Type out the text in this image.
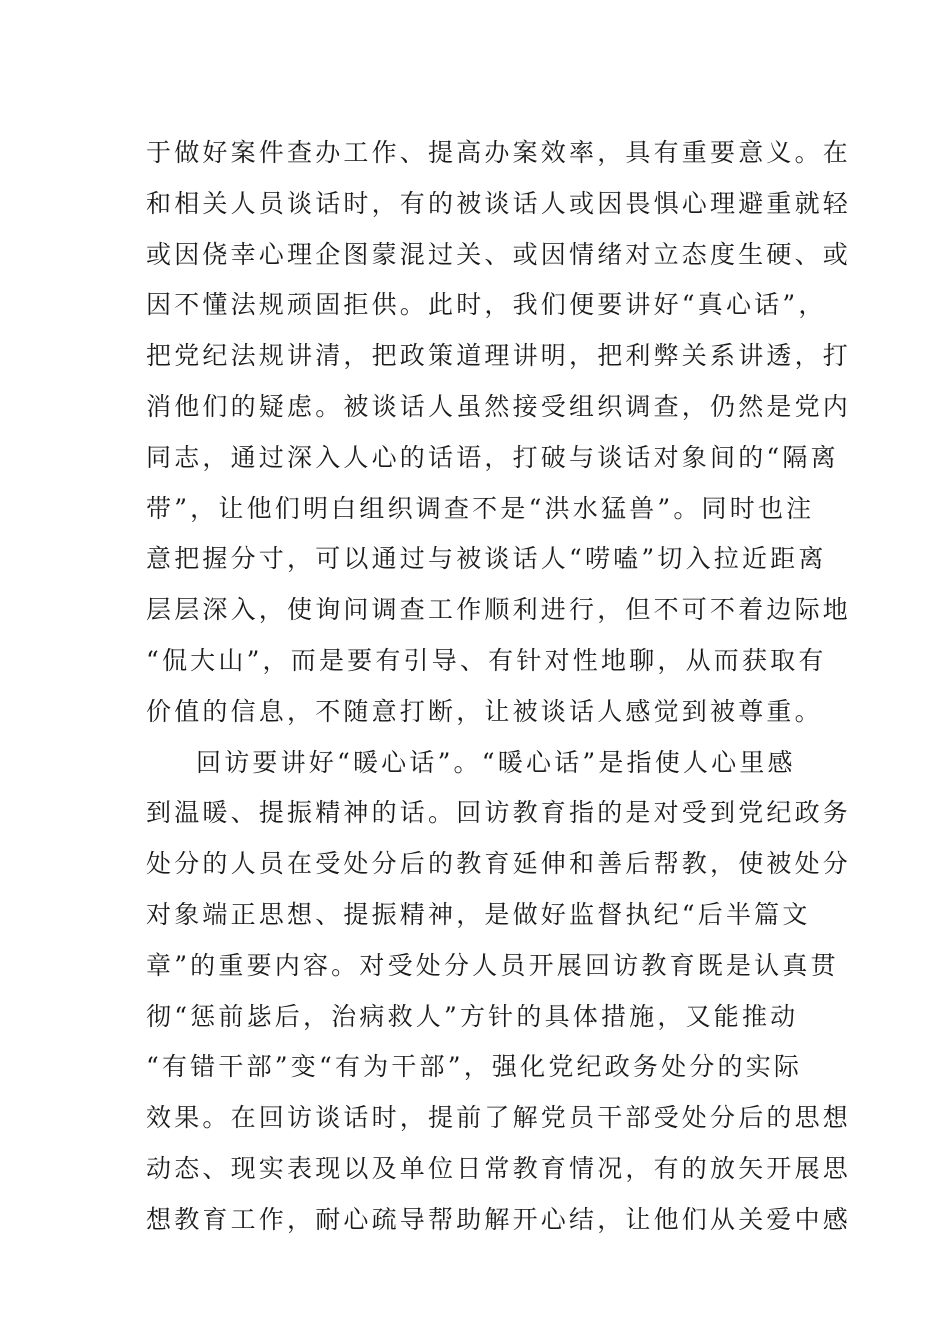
于做好案件查办工作、提高办案效率，具有重要意义。在
和相关人员谈话时，有的被谈话人或因畏惧心理避重就轻
或因侥幸心理企图蒙混过关、或因情绪对立态度生硬、或
因不懂法规顽固拒供。此时，我们便要讲好“真心话”，
把党纪法规讲清，把政策道理讲明，把利弊关系讲透，打
消他们的疑虑。被谈话人虽然接受组织调查，仍然是党内
同志，通过深入人心的话语，打破与谈话对象间的“隔离
带”，让他们明白组织调查不是“洪水猛兽”。同时也注
意把握分寸，可以通过与被谈话人“唠嗑”切入拉近距离
层层深入，使询问调查工作顺利进行，但不可不着边际地
“侃大山”，而是要有引导、有针对性地聊，从而获取有
价值的信息，不随意打断，让被谈话人感觉到被尊重。
回访要讲好“暖心话”。“暖心话”是指使人心里感
到温暖、提振精神的话。回访教育指的是对受到党纪政务
处分的人员在受处分后的教育延伸和善后帮教，使被处分
对象端正思想、提振精神，是做好监督执纪“后半篇文
章”的重要内容。对受处分人员开展回访教育既是认真贯
彻“惩前毖后，治病救人”方针的具体措施，又能推动
“有错干部”变“有为干部”，强化党纪政务处分的实际
效果。在回访谈话时，提前了解党员干部受处分后的思想
动态、现实表现以及单位日常教育情况，有的放矢开展思
想教育工作，耐心疏导帮助解开心结，让他们从关爱中感
